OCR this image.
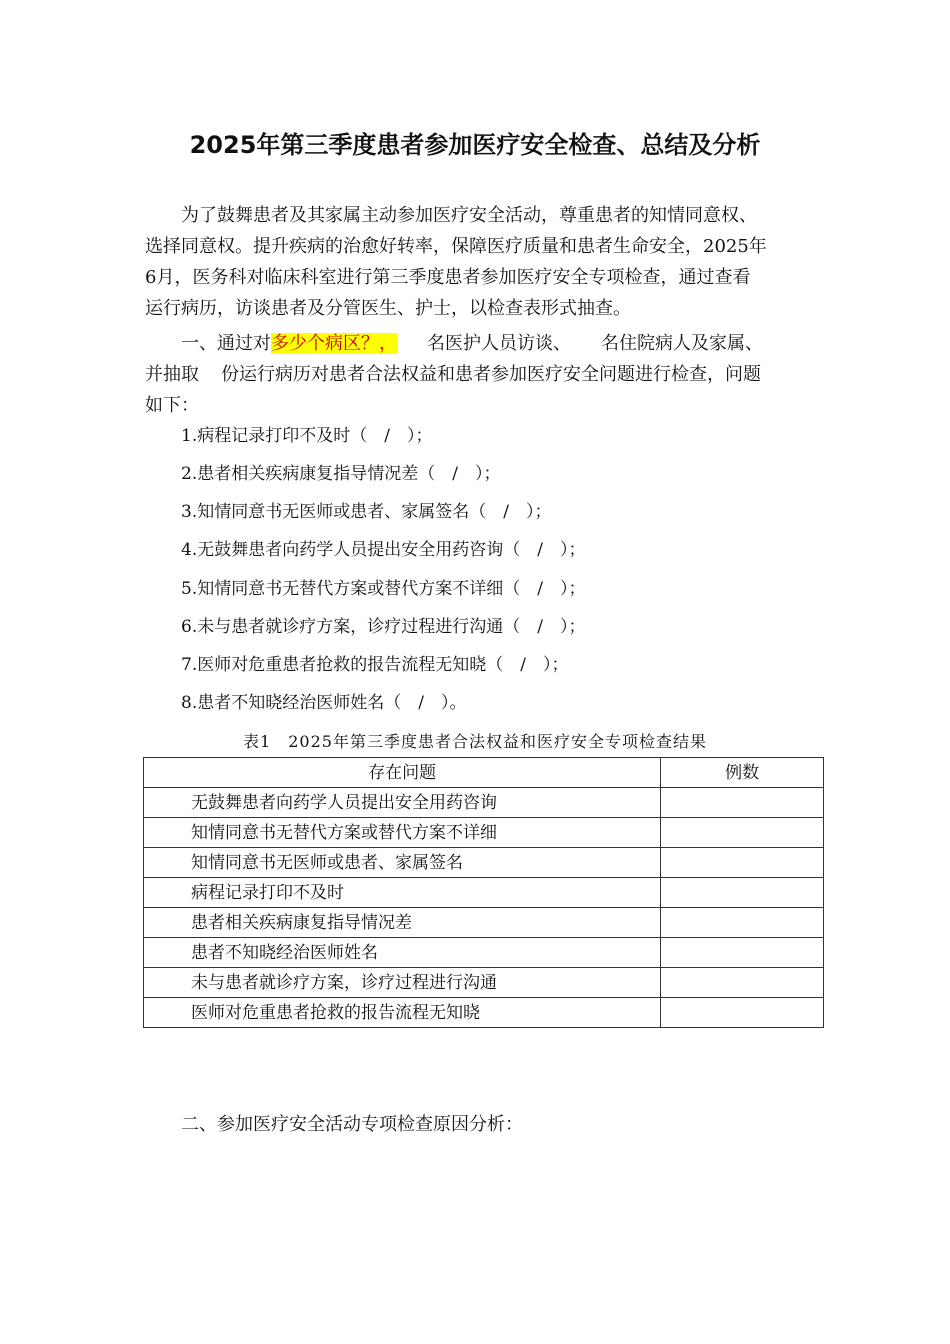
2025年第三季度患者参加医疗安全检查、总结及分析

为了鼓舞患者及其家属主动参加医疗安全活动，尊重患者的知情同意权、
选择同意权。提升疾病的治愈好转率，保障医疗质量和患者生命安全，2025年
6月，医务科对临床科室进行第三季度患者参加医疗安全专项检查，通过查看
运行病历，访谈患者及分管医生、护士，以检查表形式抽查。

一、通过对多少个病区？， 名医护人员访谈、 名住院病人及家属、
并抽取 份运行病历对患者合法权益和患者参加医疗安全问题进行检查，问题
如下：

1.病程记录打印不及时（　/　）；

2.患者相关疾病康复指导情况差（　/　）；

3.知情同意书无医师或患者、家属签名（　/　）；

4.无鼓舞患者向药学人员提出安全用药咨询（　/　）；

5.知情同意书无替代方案或替代方案不详细（　/　）；

6.未与患者就诊疗方案，诊疗过程进行沟通（　/　）；

7.医师对危重患者抢救的报告流程无知晓（　/　）；

8.患者不知晓经治医师姓名（　/　）。

表1　2025年第三季度患者合法权益和医疗安全专项检查结果

存在问题	例数
无鼓舞患者向药学人员提出安全用药咨询	
知情同意书无替代方案或替代方案不详细	
知情同意书无医师或患者、家属签名	
病程记录打印不及时	
患者相关疾病康复指导情况差	
患者不知晓经治医师姓名	
未与患者就诊疗方案，诊疗过程进行沟通	
医师对危重患者抢救的报告流程无知晓	

二、参加医疗安全活动专项检查原因分析：
